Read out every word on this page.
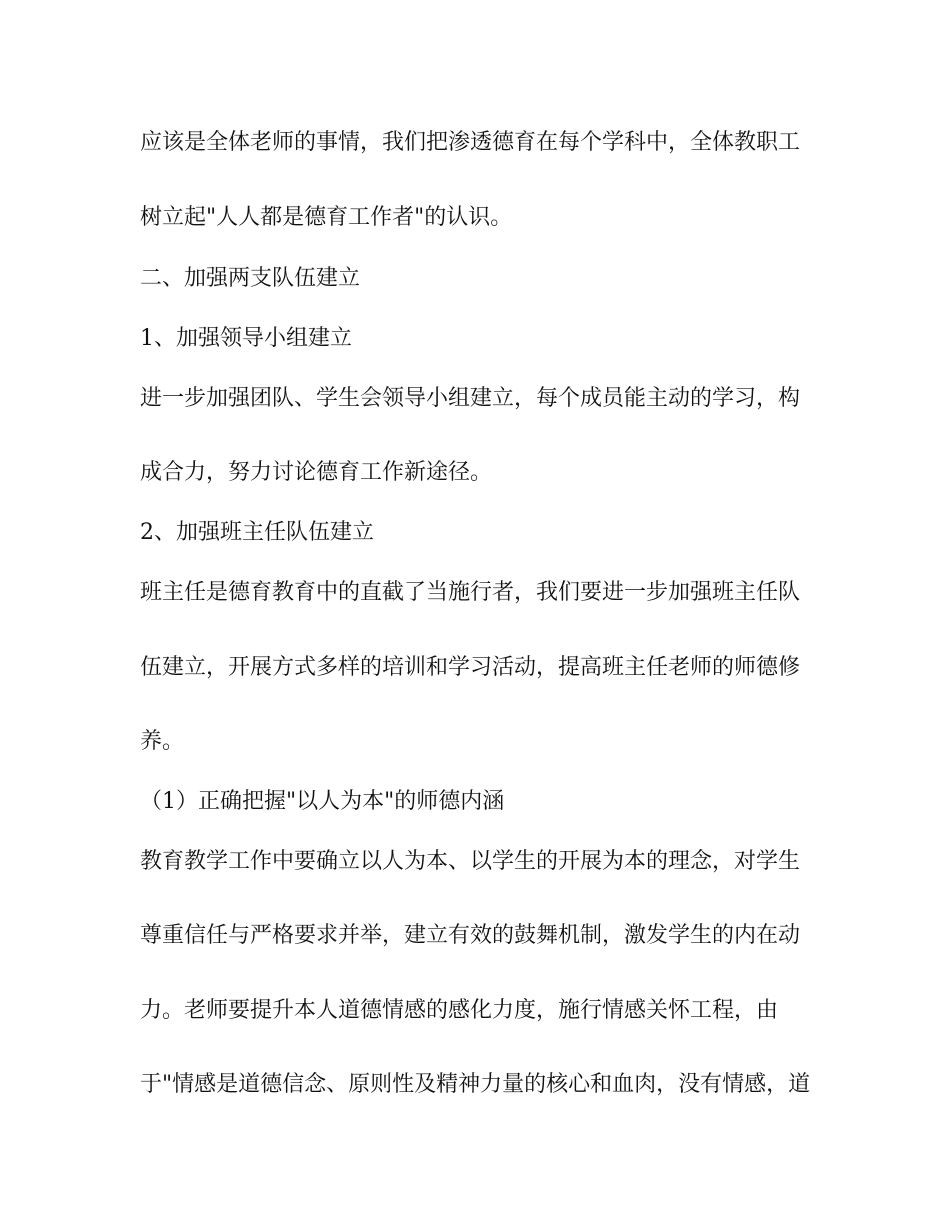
应该是全体老师的事情，我们把渗透德育在每个学科中，全体教职工

树立起"人人都是德育工作者"的认识。

二、加强两支队伍建立

1、加强领导小组建立

进一步加强团队、学生会领导小组建立，每个成员能主动的学习，构

成合力，努力讨论德育工作新途径。

2、加强班主任队伍建立

班主任是德育教育中的直截了当施行者，我们要进一步加强班主任队

伍建立，开展方式多样的培训和学习活动，提高班主任老师的师德修

养。

（1）正确把握"以人为本"的师德内涵

教育教学工作中要确立以人为本、以学生的开展为本的理念，对学生

尊重信任与严格要求并举，建立有效的鼓舞机制，激发学生的内在动

力。老师要提升本人道德情感的感化力度，施行情感关怀工程，由

于"情感是道德信念、原则性及精神力量的核心和血肉，没有情感，道
